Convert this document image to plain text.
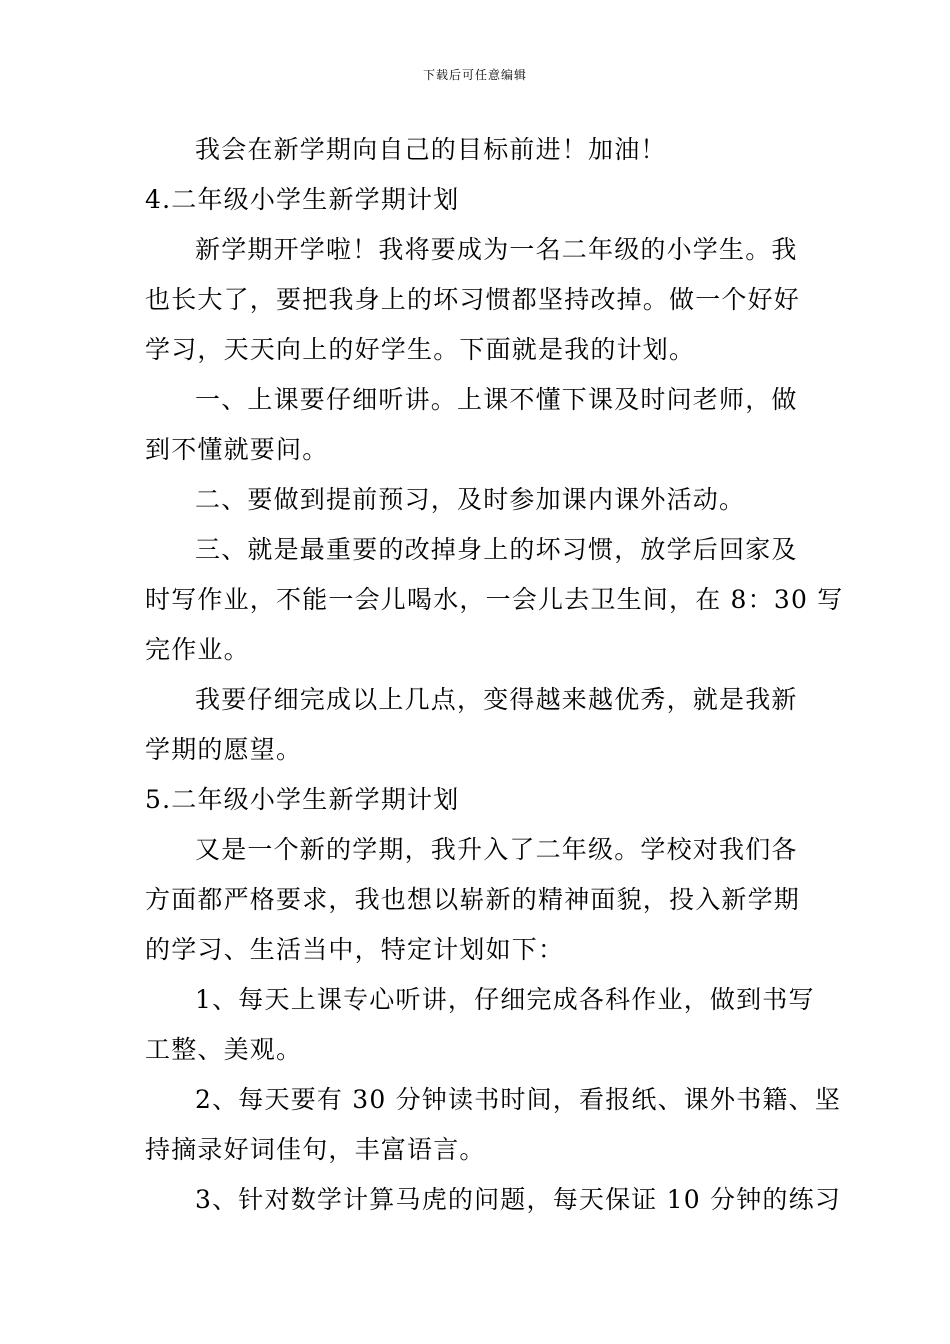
下载后可任意编辑
我会在新学期向自己的目标前进！加油！
4.二年级小学生新学期计划
新学期开学啦！我将要成为一名二年级的小学生。我
也长大了，要把我身上的坏习惯都坚持改掉。做一个好好
学习，天天向上的好学生。下面就是我的计划。
一、上课要仔细听讲。上课不懂下课及时问老师，做
到不懂就要问。
二、要做到提前预习，及时参加课内课外活动。
三、就是最重要的改掉身上的坏习惯，放学后回家及
时写作业，不能一会儿喝水，一会儿去卫生间，在 8：30 写
完作业。
我要仔细完成以上几点，变得越来越优秀，就是我新
学期的愿望。
5.二年级小学生新学期计划
又是一个新的学期，我升入了二年级。学校对我们各
方面都严格要求，我也想以崭新的精神面貌，投入新学期
的学习、生活当中，特定计划如下：
1、每天上课专心听讲，仔细完成各科作业，做到书写
工整、美观。
2、每天要有 30 分钟读书时间，看报纸、课外书籍、坚
持摘录好词佳句，丰富语言。
3、针对数学计算马虎的问题，每天保证 10 分钟的练习
